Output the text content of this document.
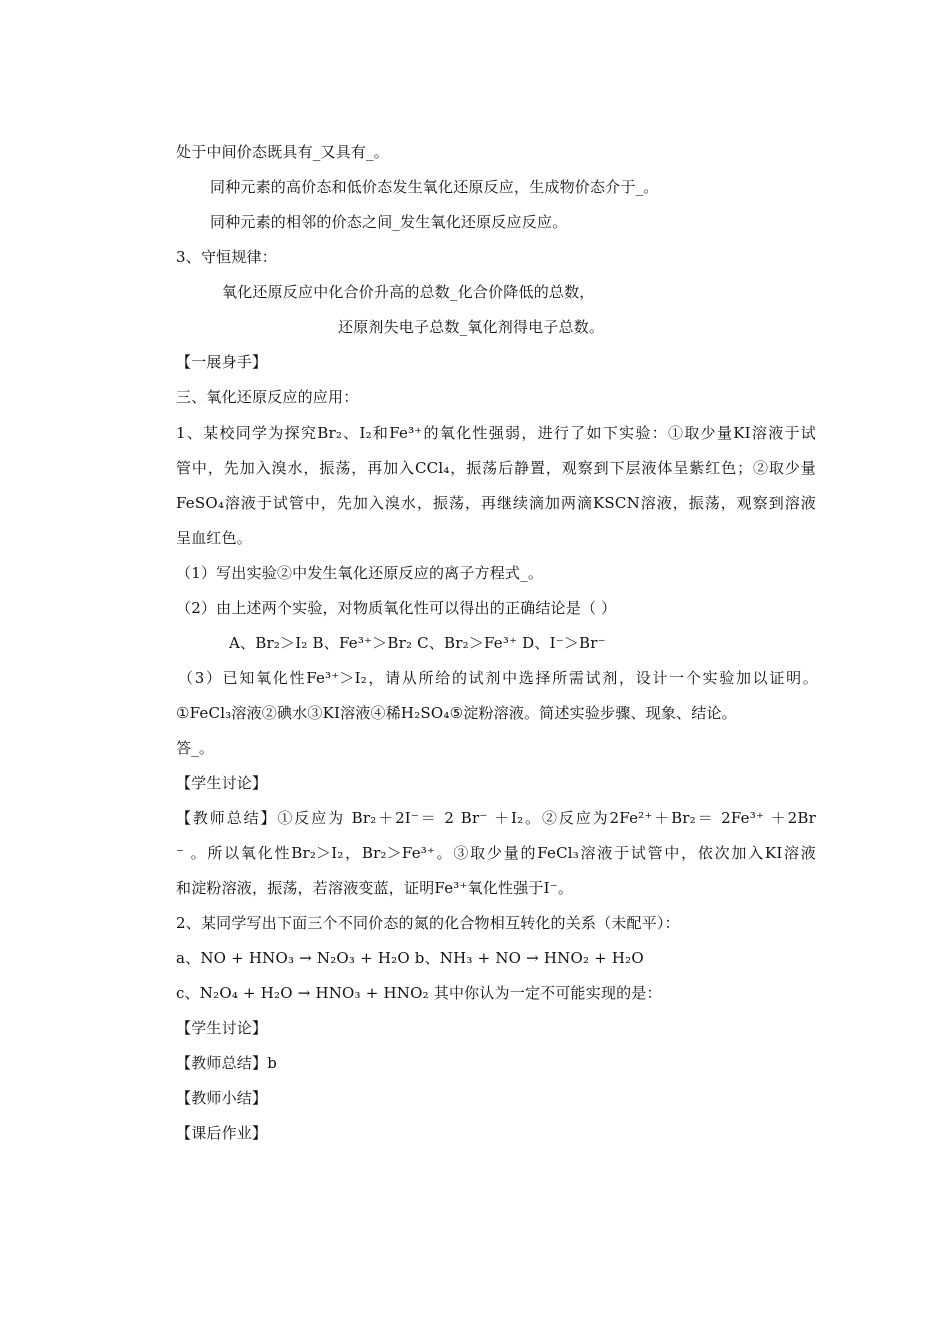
处于中间价态既具有_又具有_。
同种元素的高价态和低价态发生氧化还原反应，生成物价态介于_。
同种元素的相邻的价态之间_发生氧化还原反应反应。
3、守恒规律：
氧化还原反应中化合价升高的总数_化合价降低的总数，
还原剂失电子总数_氧化剂得电子总数。
【一展身手】
三、氧化还原反应的应用：
1、某校同学为探究Br₂、I₂和Fe³⁺的氧化性强弱，进行了如下实验：①取少量KI溶液于试
管中，先加入溴水，振荡，再加入CCl₄，振荡后静置，观察到下层液体呈紫红色；②取少量
FeSO₄溶液于试管中，先加入溴水，振荡，再继续滴加两滴KSCN溶液，振荡，观察到溶液
呈血红色。
（1）写出实验②中发生氧化还原反应的离子方程式_。
（2）由上述两个实验，对物质氧化性可以得出的正确结论是（ ）
A、Br₂＞I₂ B、Fe³⁺＞Br₂ C、Br₂＞Fe³⁺ D、I⁻＞Br⁻
（3）已知氧化性Fe³⁺＞I₂，请从所给的试剂中选择所需试剂，设计一个实验加以证明。
①FeCl₃溶液②碘水③KI溶液④稀H₂SO₄⑤淀粉溶液。简述实验步骤、现象、结论。
答_。
【学生讨论】
【教师总结】①反应为 Br₂＋2I⁻＝ 2 Br⁻ ＋I₂。②反应为2Fe²⁺＋Br₂＝ 2Fe³⁺ ＋2Br
⁻ 。所以氧化性Br₂＞I₂，Br₂＞Fe³⁺。③取少量的FeCl₃溶液于试管中，依次加入KI溶液
和淀粉溶液，振荡，若溶液变蓝，证明Fe³⁺氧化性强于I⁻。
2、某同学写出下面三个不同价态的氮的化合物相互转化的关系（未配平）：
a、NO + HNO₃ → N₂O₃ + H₂O b、NH₃ + NO → HNO₂ + H₂O
c、N₂O₄ + H₂O → HNO₃ + HNO₂ 其中你认为一定不可能实现的是：
【学生讨论】
【教师总结】b
【教师小结】
【课后作业】
